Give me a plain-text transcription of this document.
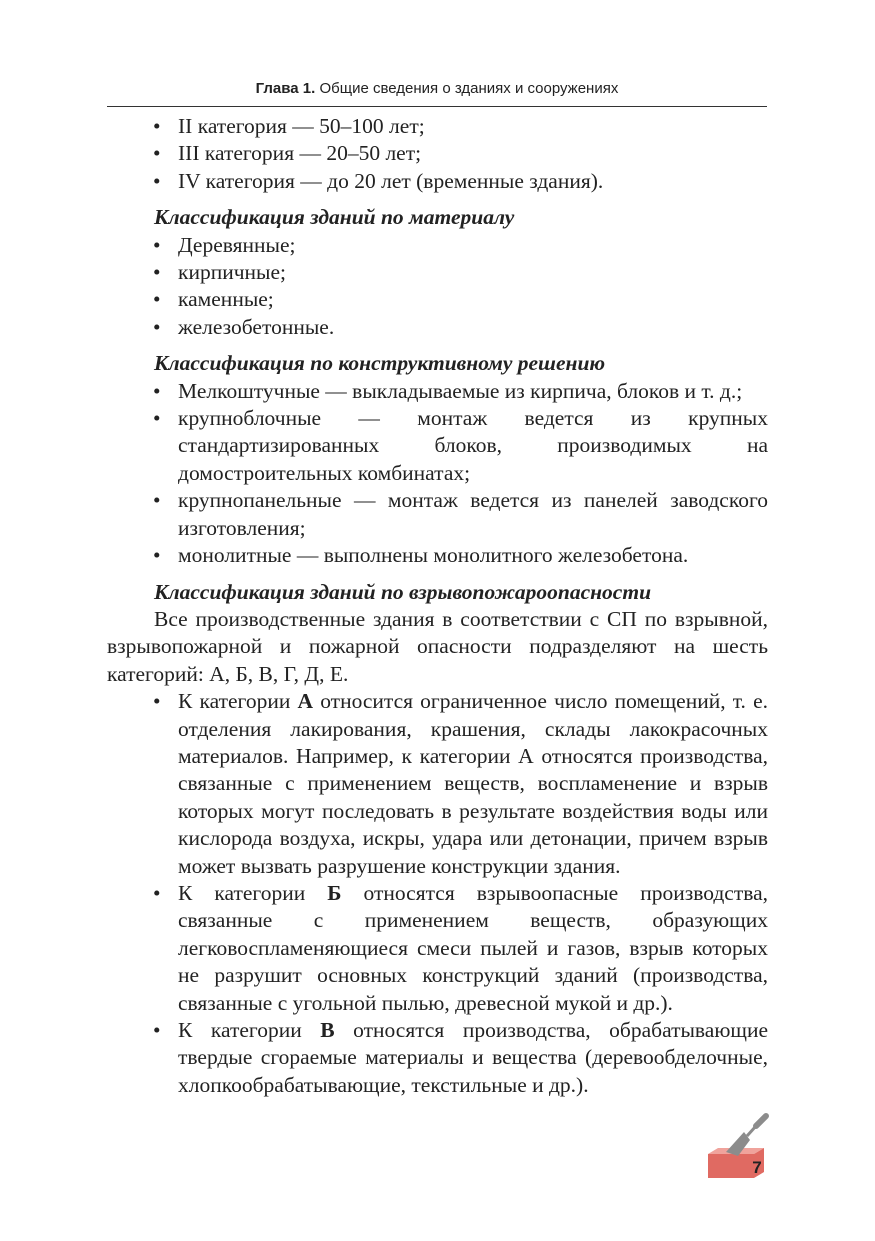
Глава 1. Общие сведения о зданиях и сооружениях
• II категория — 50–100 лет;
• III категория — 20–50 лет;
• IV категория — до 20 лет (временные здания).
Классификация зданий по материалу
• Деревянные;
• кирпичные;
• каменные;
• железобетонные.
Классификация по конструктивному решению
• Мелкоштучные — выкладываемые из кирпича, блоков и т. д.;
• крупноблочные — монтаж ведется из крупных стандартизированных блоков, производимых на домостроительных комбинатах;
• крупнопанельные — монтаж ведется из панелей заводского изготовления;
• монолитные — выполнены монолитного железобетона.
Классификация зданий по взрывопожароопасности

Все производственные здания в соответствии с СП по взрывной, взрывопожарной и пожарной опасности подразделяют на шесть категорий: А, Б, В, Г, Д, Е.

• К категории А относится ограниченное число помещений, т. е. отделения лакирования, крашения, склады лакокрасочных материалов. Например, к категории А относятся производства, связанные с применением веществ, воспламенение и взрыв которых могут последовать в результате воздействия воды или кислорода воздуха, искры, удара или детонации, причем взрыв может вызвать разрушение конструкции здания.
• К категории Б относятся взрывоопасные производства, связанные с применением веществ, образующих легковоспламеняющиеся смеси пылей и газов, взрыв которых не разрушит основных конструкций зданий (производства, связанные с угольной пылью, древесной мукой и др.).
• К категории В относятся производства, обрабатывающие твердые сгораемые материалы и вещества (деревообделочные, хлопкообрабатывающие, текстильные и др.).
7
